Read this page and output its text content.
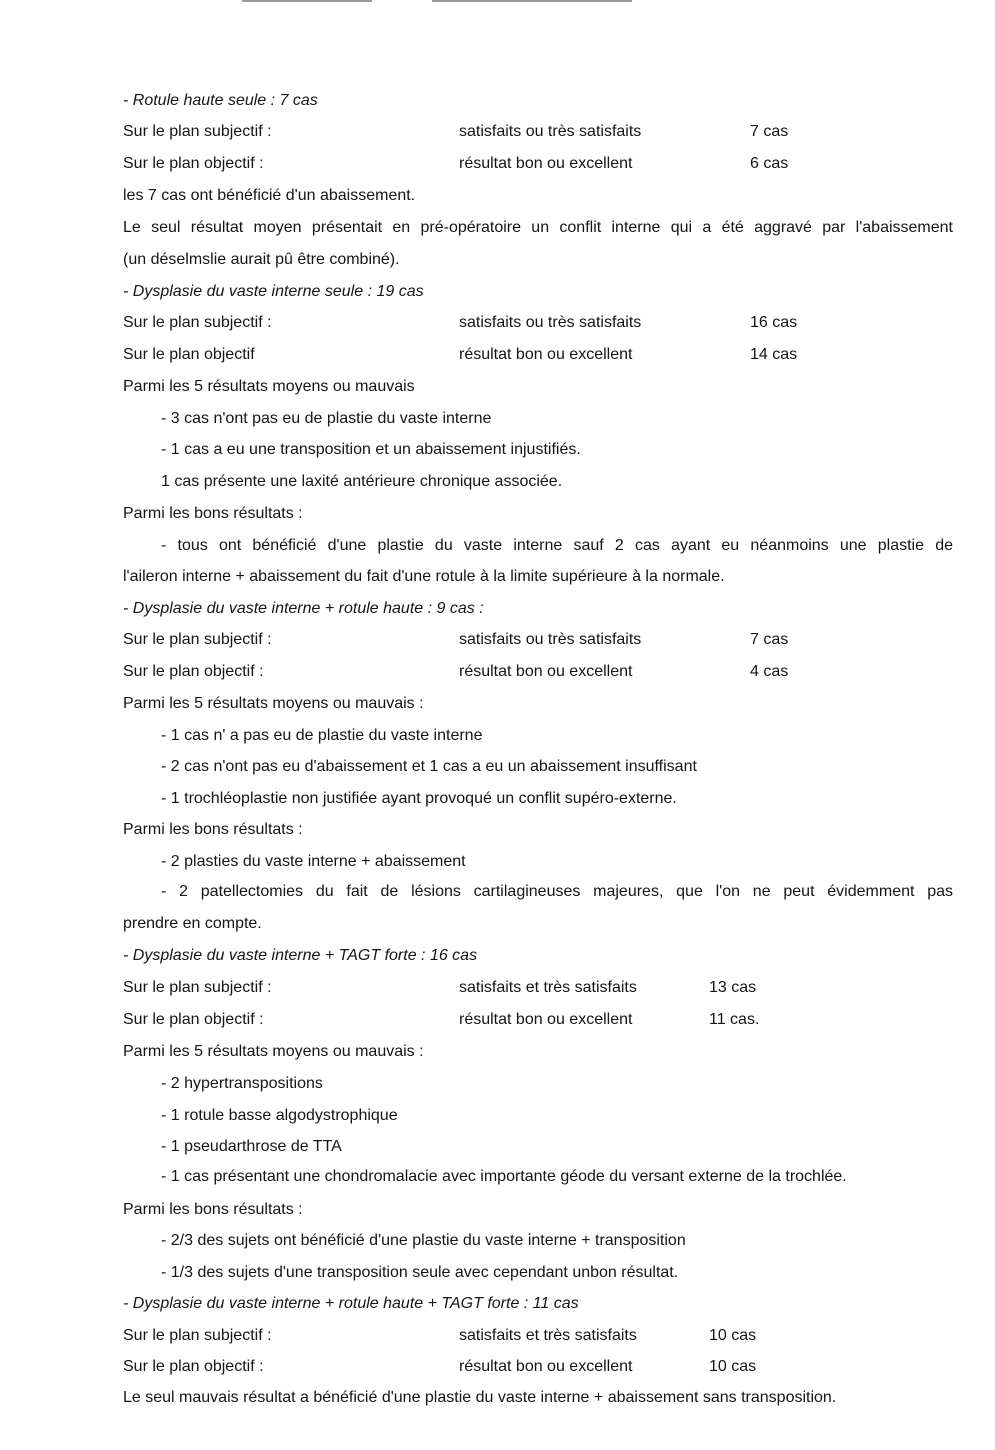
- Rotule haute seule : 7 cas
Sur le plan subjectif :	satisfaits ou très satisfaits	7 cas
Sur le plan objectif :	résultat bon ou excellent	6 cas
les 7 cas ont bénéficié d'un abaissement.
Le seul résultat moyen présentait en pré-opératoire un conflit interne qui a été aggravé par l'abaissement
(un déselmslie aurait pû être combiné).
- Dysplasie du vaste interne seule : 19 cas
Sur le plan subjectif :	satisfaits ou très satisfaits	16 cas
Sur le plan objectif	résultat bon ou excellent	14 cas
Parmi les 5 résultats moyens ou mauvais
- 3 cas n'ont pas eu de plastie du vaste interne
- 1 cas a eu une transposition et un abaissement injustifiés.
1 cas présente une laxité antérieure chronique associée.
Parmi les bons résultats :
- tous ont bénéficié d'une plastie du vaste interne sauf 2 cas ayant eu néanmoins une plastie de
l'aileron interne + abaissement du fait d'une rotule à la limite supérieure à la normale.
- Dysplasie du vaste interne + rotule haute : 9 cas :
Sur le plan subjectif :	satisfaits ou très satisfaits	7 cas
Sur le plan objectif :	résultat bon ou excellent	4 cas
Parmi les 5 résultats moyens ou mauvais :
- 1 cas n' a pas eu de plastie du vaste interne
- 2 cas n'ont pas eu d'abaissement et 1 cas a eu un abaissement insuffisant
- 1 trochléoplastie non justifiée ayant provoqué un conflit supéro-externe.
Parmi les bons résultats :
- 2 plasties du vaste interne + abaissement
- 2 patellectomies du fait de lésions cartilagineuses majeures, que l'on ne peut évidemment pas
prendre en compte.
- Dysplasie du vaste interne + TAGT forte : 16 cas
Sur le plan subjectif :	satisfaits et très satisfaits	13 cas
Sur le plan objectif :	résultat bon ou excellent	11 cas.
Parmi les 5 résultats moyens ou mauvais :
- 2 hypertranspositions
- 1 rotule basse algodystrophique
- 1 pseudarthrose de TTA
- 1 cas présentant une chondromalacie avec importante géode du versant externe de la trochlée.
Parmi les bons résultats :
- 2/3 des sujets ont bénéficié d'une plastie du vaste interne + transposition
- 1/3 des sujets d'une transposition seule avec cependant unbon résultat.
- Dysplasie du vaste interne + rotule haute + TAGT forte : 11 cas
Sur le plan subjectif :	satisfaits et très satisfaits	10 cas
Sur le plan objectif :	résultat bon ou excellent	10 cas
Le seul mauvais résultat a bénéficié d'une plastie du vaste interne + abaissement sans transposition.
